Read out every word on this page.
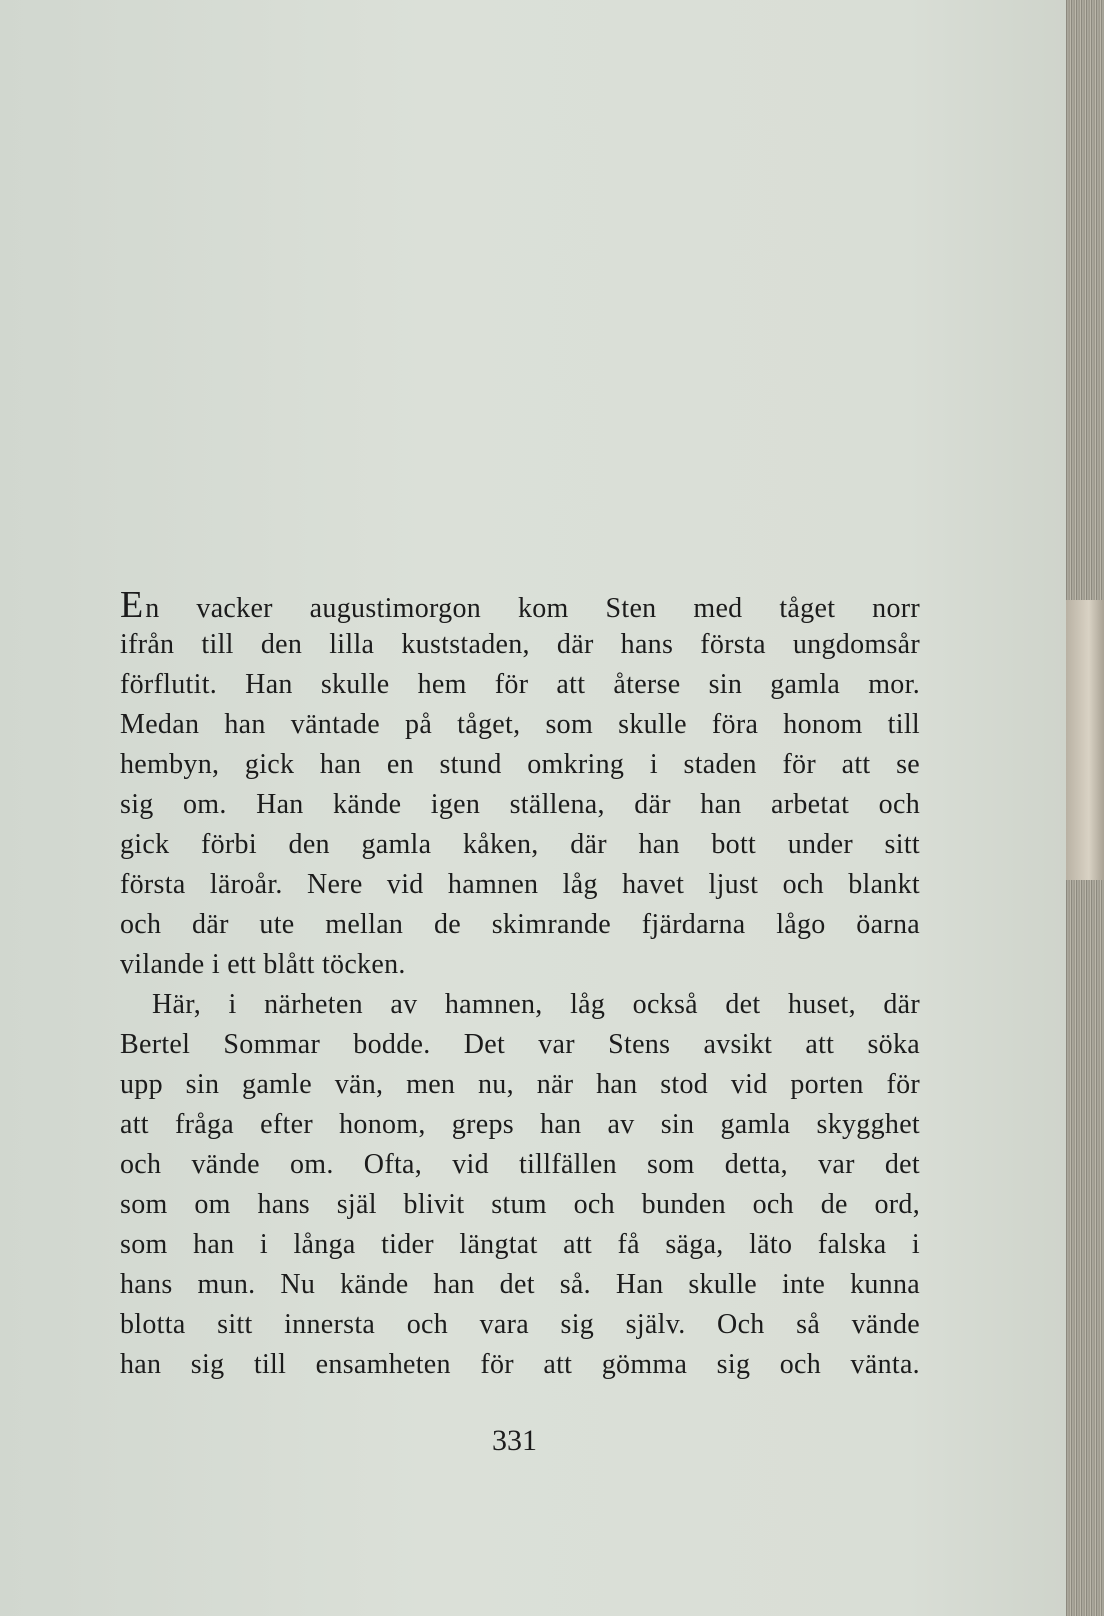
En vacker augustimorgon kom Sten med tåget norr
ifrån till den lilla kuststaden, där hans första ungdomsår
förflutit. Han skulle hem för att återse sin gamla mor.
Medan han väntade på tåget, som skulle föra honom till
hembyn, gick han en stund omkring i staden för att se
sig om. Han kände igen ställena, där han arbetat och
gick förbi den gamla kåken, där han bott under sitt
första läroår. Nere vid hamnen låg havet ljust och blankt
och där ute mellan de skimrande fjärdarna lågo öarna
vilande i ett blått töcken.
Här, i närheten av hamnen, låg också det huset, där
Bertel Sommar bodde. Det var Stens avsikt att söka
upp sin gamle vän, men nu, när han stod vid porten för
att fråga efter honom, greps han av sin gamla skygghet
och vände om. Ofta, vid tillfällen som detta, var det
som om hans själ blivit stum och bunden och de ord,
som han i långa tider längtat att få säga, läto falska i
hans mun. Nu kände han det så. Han skulle inte kunna
blotta sitt innersta och vara sig själv. Och så vände
han sig till ensamheten för att gömma sig och vänta.
331
